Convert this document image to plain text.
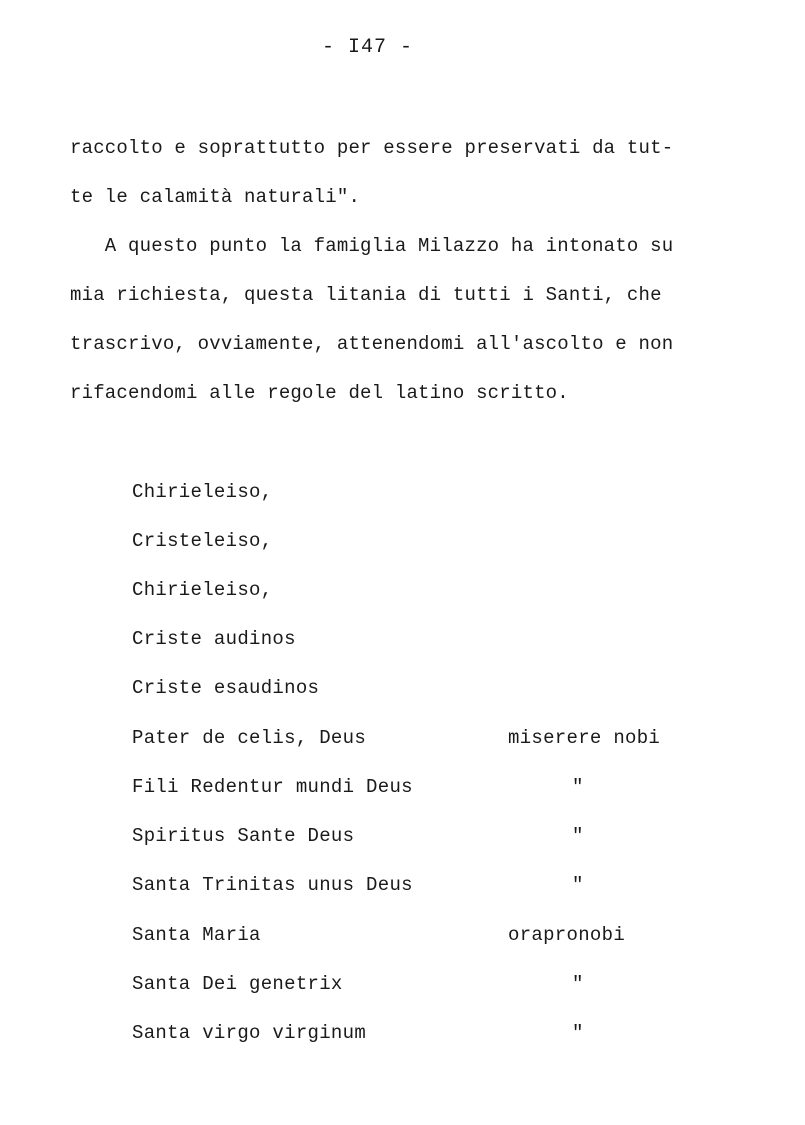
- I47 -
raccolto e soprattutto per essere preservati da tut-
te le calamità naturali".
A questo punto la famiglia Milazzo ha intonato su
mia richiesta, questa litania di tutti i Santi, che
trascrivo, ovviamente, attenendomi all'ascolto e non
rifacendomi alle regole del latino scritto.
Chirieleiso,
Cristeleiso,
Chirieleiso,
Criste audinos
Criste esaudinos
Pater de celis, Deus	miserere nobi
Fili Redentur mundi Deus	"
Spiritus Sante Deus	"
Santa Trinitas unus Deus	"
Santa Maria	orapronobi
Santa Dei genetrix	"
Santa virgo virginum	"
